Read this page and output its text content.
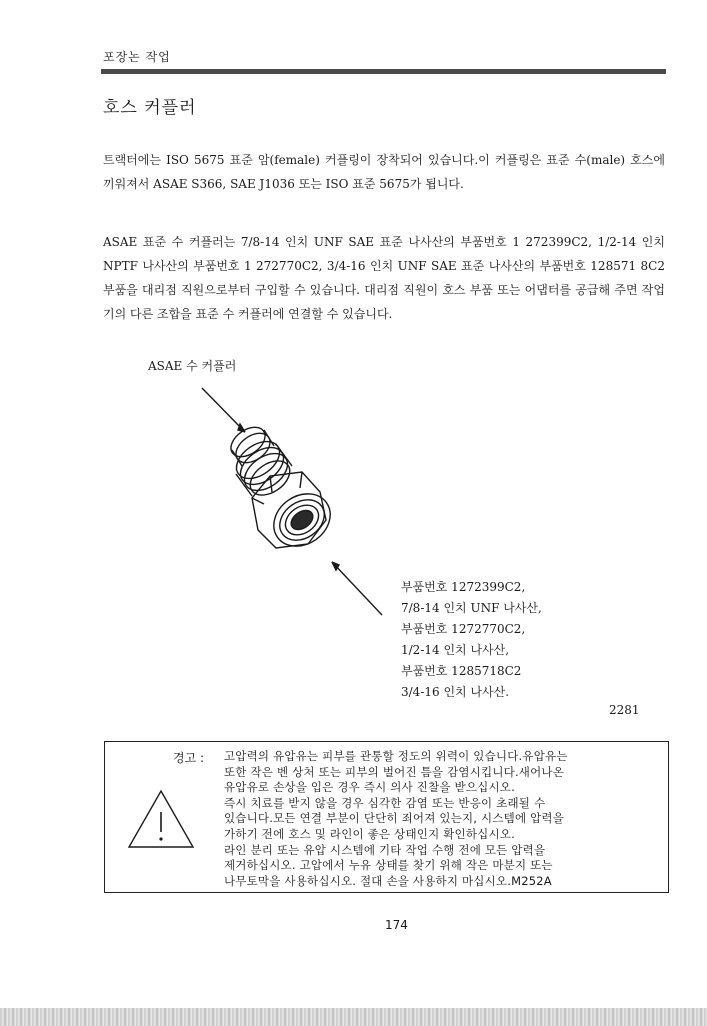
포장논 작업
호스 커플러
트랙터에는 ISO 5675 표준 암(female) 커플링이 장착되어 있습니다.이 커플링은 표준 수(male) 호스에 끼워져서 ASAE S366, SAE J1036 또는 ISO 표준 5675가 됩니다.
ASAE 표준 수 커플러는 7/8-14 인치 UNF SAE 표준 나사산의 부품번호 1 272399C2, 1/2-14 인치 NPTF 나사산의 부품번호 1 272770C2, 3/4-16 인치 UNF SAE 표준 나사산의 부품번호 128571 8C2 부품을 대리점 직원으로부터 구입할 수 있습니다. 대리점 직원이 호스 부품 또는 어댑터를 공급해 주면 작업기의 다른 조합을 표준 수 커플러에 연결할 수 있습니다.
ASAE 수 커플러
부품번호 1272399C2,
7/8-14 인치 UNF 나사산,
부품번호 1272770C2,
1/2-14 인치 나사산,
부품번호 1285718C2
3/4-16 인치 나사산.
2281
경고 : 고압력의 유압유는 피부를 관통할 정도의 위력이 있습니다.유압유는
또한 작은 벤 상처 또는 피부의 벌어진 틈을 감염시킵니다.새어나온
유압유로 손상을 입은 경우 즉시 의사 진찰을 받으십시오.
즉시 치료를 받지 않을 경우 심각한 감염 또는 반응이 초래될 수
있습니다.모든 연결 부분이 단단히 죄어져 있는지, 시스템에 압력을
가하기 전에 호스 및 라인이 좋은 상태인지 확인하십시오.
라인 분리 또는 유압 시스템에 기타 작업 수행 전에 모든 압력을
제거하십시오. 고압에서 누유 상태를 찾기 위해 작은 마분지 또는
174
나무토막을 사용하십시오. 절대 손을 사용하지 마십시오.M252A
